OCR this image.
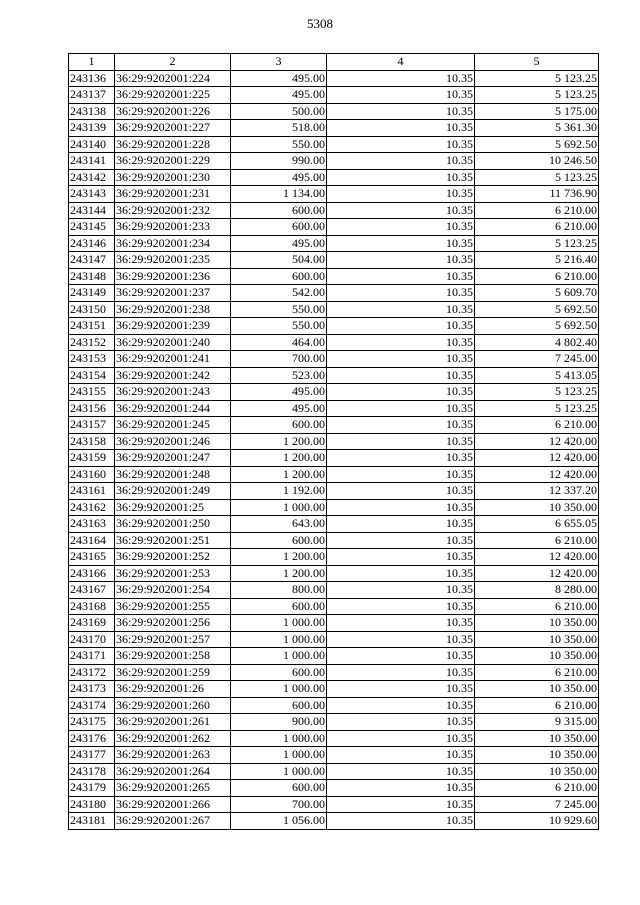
5308
1	2	3	4	5
243136	36:29:9202001:224	495.00	10.35	5 123.25
243137	36:29:9202001:225	495.00	10.35	5 123.25
243138	36:29:9202001:226	500.00	10.35	5 175.00
243139	36:29:9202001:227	518.00	10.35	5 361.30
243140	36:29:9202001:228	550.00	10.35	5 692.50
243141	36:29:9202001:229	990.00	10.35	10 246.50
243142	36:29:9202001:230	495.00	10.35	5 123.25
243143	36:29:9202001:231	1 134.00	10.35	11 736.90
243144	36:29:9202001:232	600.00	10.35	6 210.00
243145	36:29:9202001:233	600.00	10.35	6 210.00
243146	36:29:9202001:234	495.00	10.35	5 123.25
243147	36:29:9202001:235	504.00	10.35	5 216.40
243148	36:29:9202001:236	600.00	10.35	6 210.00
243149	36:29:9202001:237	542.00	10.35	5 609.70
243150	36:29:9202001:238	550.00	10.35	5 692.50
243151	36:29:9202001:239	550.00	10.35	5 692.50
243152	36:29:9202001:240	464.00	10.35	4 802.40
243153	36:29:9202001:241	700.00	10.35	7 245.00
243154	36:29:9202001:242	523.00	10.35	5 413.05
243155	36:29:9202001:243	495.00	10.35	5 123.25
243156	36:29:9202001:244	495.00	10.35	5 123.25
243157	36:29:9202001:245	600.00	10.35	6 210.00
243158	36:29:9202001:246	1 200.00	10.35	12 420.00
243159	36:29:9202001:247	1 200.00	10.35	12 420.00
243160	36:29:9202001:248	1 200.00	10.35	12 420.00
243161	36:29:9202001:249	1 192.00	10.35	12 337.20
243162	36:29:9202001:25	1 000.00	10.35	10 350.00
243163	36:29:9202001:250	643.00	10.35	6 655.05
243164	36:29:9202001:251	600.00	10.35	6 210.00
243165	36:29:9202001:252	1 200.00	10.35	12 420.00
243166	36:29:9202001:253	1 200.00	10.35	12 420.00
243167	36:29:9202001:254	800.00	10.35	8 280.00
243168	36:29:9202001:255	600.00	10.35	6 210.00
243169	36:29:9202001:256	1 000.00	10.35	10 350.00
243170	36:29:9202001:257	1 000.00	10.35	10 350.00
243171	36:29:9202001:258	1 000.00	10.35	10 350.00
243172	36:29:9202001:259	600.00	10.35	6 210.00
243173	36:29:9202001:26	1 000.00	10.35	10 350.00
243174	36:29:9202001:260	600.00	10.35	6 210.00
243175	36:29:9202001:261	900.00	10.35	9 315.00
243176	36:29:9202001:262	1 000.00	10.35	10 350.00
243177	36:29:9202001:263	1 000.00	10.35	10 350.00
243178	36:29:9202001:264	1 000.00	10.35	10 350.00
243179	36:29:9202001:265	600.00	10.35	6 210.00
243180	36:29:9202001:266	700.00	10.35	7 245.00
243181	36:29:9202001:267	1 056.00	10.35	10 929.60
